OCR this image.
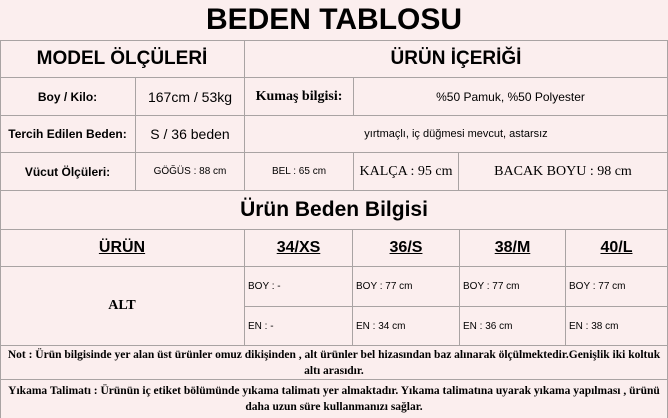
BEDEN TABLOSU
MODEL ÖLÇÜLERİ	ÜRÜN İÇERİĞİ
Boy / Kilo:	167cm / 53kg	Kumaş bilgisi:	%50 Pamuk, %50 Polyester
Tercih Edilen Beden:	S / 36 beden	yırtmaçlı, iç düğmesi mevcut, astarsız
Vücut Ölçüleri:	GÖĞÜS : 88 cm	BEL : 65 cm	KALÇA : 95 cm	BACAK BOYU : 98 cm
Ürün Beden Bilgisi
ÜRÜN	34/XS	36/S	38/M	40/L
ALT
BOY : -	BOY : 77 cm	BOY : 77 cm	BOY : 77 cm
EN : -	EN : 34 cm	EN : 36 cm	EN : 38 cm
Not : Ürün bilgisinde yer alan üst ürünler omuz dikişinden , alt ürünler bel hizasından baz alınarak ölçülmektedir.Genişlik iki koltuk altı arasıdır.
Yıkama Talimatı : Ürünün iç etiket bölümünde yıkama talimatı yer almaktadır. Yıkama talimatına uyarak yıkama yapılması , ürünü daha uzun süre kullanmanızı sağlar.
